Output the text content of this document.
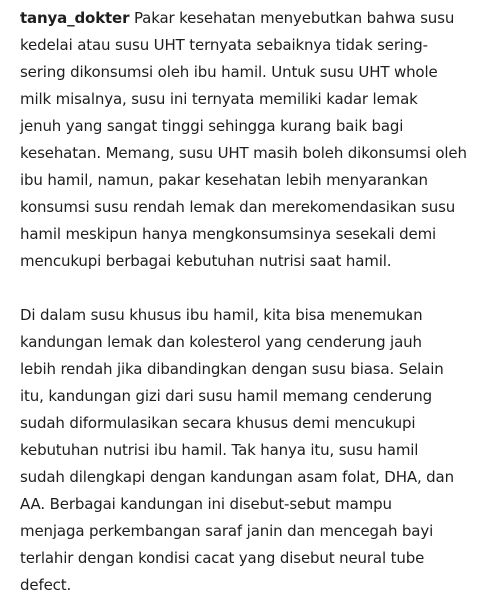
tanya_dokter Pakar kesehatan menyebutkan bahwa susu
kedelai atau susu UHT ternyata sebaiknya tidak sering-
sering dikonsumsi oleh ibu hamil. Untuk susu UHT whole
milk misalnya, susu ini ternyata memiliki kadar lemak
jenuh yang sangat tinggi sehingga kurang baik bagi
kesehatan. Memang, susu UHT masih boleh dikonsumsi oleh
ibu hamil, namun, pakar kesehatan lebih menyarankan
konsumsi susu rendah lemak dan merekomendasikan susu
hamil meskipun hanya mengkonsumsinya sesekali demi
mencukupi berbagai kebutuhan nutrisi saat hamil.

Di dalam susu khusus ibu hamil, kita bisa menemukan
kandungan lemak dan kolesterol yang cenderung jauh
lebih rendah jika dibandingkan dengan susu biasa. Selain
itu, kandungan gizi dari susu hamil memang cenderung
sudah diformulasikan secara khusus demi mencukupi
kebutuhan nutrisi ibu hamil. Tak hanya itu, susu hamil
sudah dilengkapi dengan kandungan asam folat, DHA, dan
AA. Berbagai kandungan ini disebut-sebut mampu
menjaga perkembangan saraf janin dan mencegah bayi
terlahir dengan kondisi cacat yang disebut neural tube
defect.
